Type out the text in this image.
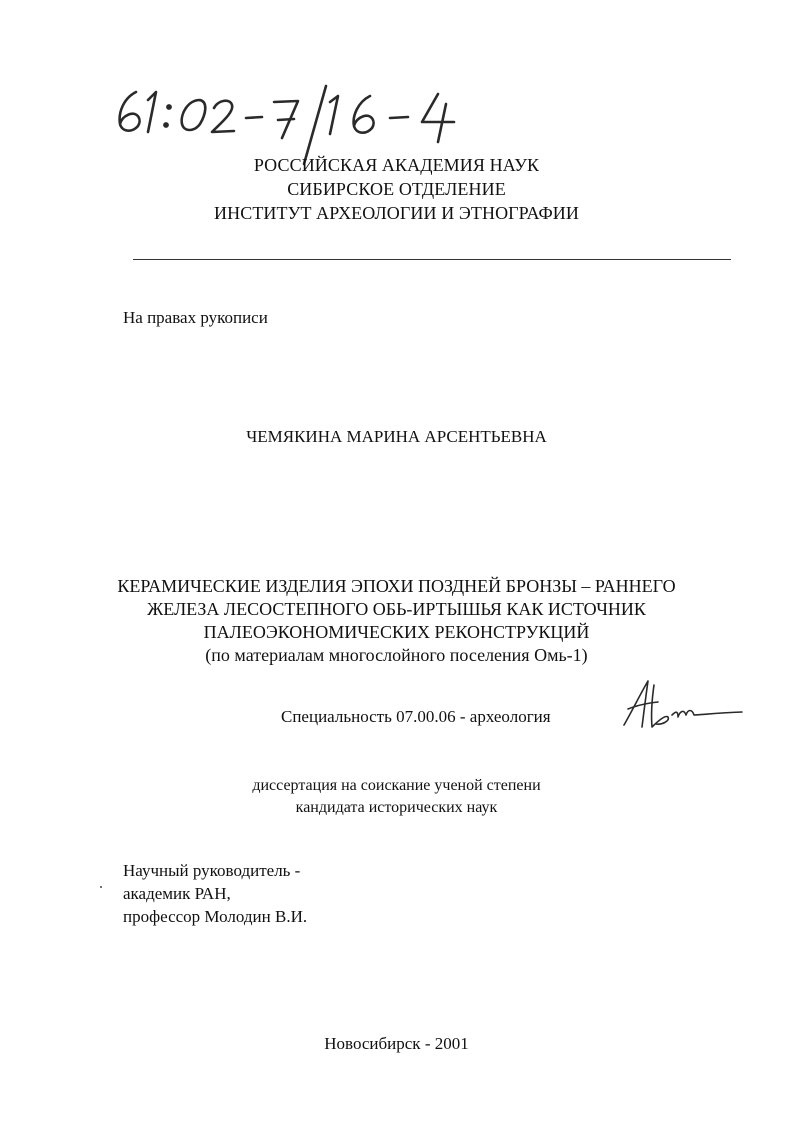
РОССИЙСКАЯ АКАДЕМИЯ НАУК
СИБИРСКОЕ ОТДЕЛЕНИЕ
ИНСТИТУТ АРХЕОЛОГИИ И ЭТНОГРАФИИ
На правах рукописи
ЧЕМЯКИНА МАРИНА АРСЕНТЬЕВНА
КЕРАМИЧЕСКИЕ ИЗДЕЛИЯ ЭПОХИ ПОЗДНЕЙ БРОНЗЫ – РАННЕГО
ЖЕЛЕЗА ЛЕСОСТЕПНОГО ОБЬ-ИРТЫШЬЯ КАК ИСТОЧНИК
ПАЛЕОЭКОНОМИЧЕСКИХ РЕКОНСТРУКЦИЙ
(по материалам многослойного поселения Омь-1)
Специальность 07.00.06 - археология
диссертация на соискание ученой степени
кандидата исторических наук
Научный руководитель -
академик РАН,
профессор Молодин В.И.
Новосибирск - 2001
